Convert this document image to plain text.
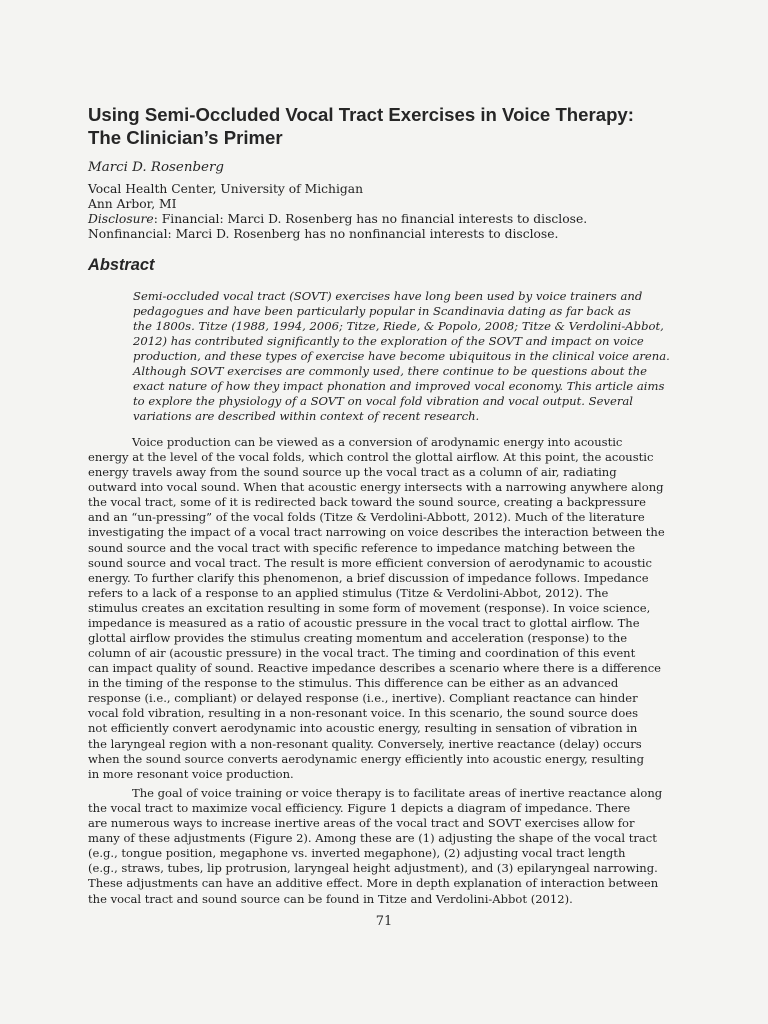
Using Semi-Occluded Vocal Tract Exercises in Voice Therapy:
The Clinician’s Primer
Marci D. Rosenberg
Vocal Health Center, University of Michigan
Ann Arbor, MI
Disclosure: Financial: Marci D. Rosenberg has no financial interests to disclose.
Nonfinancial: Marci D. Rosenberg has no nonfinancial interests to disclose.
Abstract
Semi-occluded vocal tract (SOVT) exercises have long been used by voice trainers and
pedagogues and have been particularly popular in Scandinavia dating as far back as
the 1800s. Titze (1988, 1994, 2006; Titze, Riede, & Popolo, 2008; Titze & Verdolini-Abbot,
2012) has contributed significantly to the exploration of the SOVT and impact on voice
production, and these types of exercise have become ubiquitous in the clinical voice arena.
Although SOVT exercises are commonly used, there continue to be questions about the
exact nature of how they impact phonation and improved vocal economy. This article aims
to explore the physiology of a SOVT on vocal fold vibration and vocal output. Several
variations are described within context of recent research.
Voice production can be viewed as a conversion of arodynamic energy into acoustic
energy at the level of the vocal folds, which control the glottal airflow. At this point, the acoustic
energy travels away from the sound source up the vocal tract as a column of air, radiating
outward into vocal sound. When that acoustic energy intersects with a narrowing anywhere along
the vocal tract, some of it is redirected back toward the sound source, creating a backpressure
and an “un-pressing” of the vocal folds (Titze & Verdolini-Abbott, 2012). Much of the literature
investigating the impact of a vocal tract narrowing on voice describes the interaction between the
sound source and the vocal tract with specific reference to impedance matching between the
sound source and vocal tract. The result is more efficient conversion of aerodynamic to acoustic
energy. To further clarify this phenomenon, a brief discussion of impedance follows. Impedance
refers to a lack of a response to an applied stimulus (Titze & Verdolini-Abbot, 2012). The
stimulus creates an excitation resulting in some form of movement (response). In voice science,
impedance is measured as a ratio of acoustic pressure in the vocal tract to glottal airflow. The
glottal airflow provides the stimulus creating momentum and acceleration (response) to the
column of air (acoustic pressure) in the vocal tract. The timing and coordination of this event
can impact quality of sound. Reactive impedance describes a scenario where there is a difference
in the timing of the response to the stimulus. This difference can be either as an advanced
response (i.e., compliant) or delayed response (i.e., inertive). Compliant reactance can hinder
vocal fold vibration, resulting in a non-resonant voice. In this scenario, the sound source does
not efficiently convert aerodynamic into acoustic energy, resulting in sensation of vibration in
the laryngeal region with a non-resonant quality. Conversely, inertive reactance (delay) occurs
when the sound source converts aerodynamic energy efficiently into acoustic energy, resulting
in more resonant voice production.
The goal of voice training or voice therapy is to facilitate areas of inertive reactance along
the vocal tract to maximize vocal efficiency. Figure 1 depicts a diagram of impedance. There
are numerous ways to increase inertive areas of the vocal tract and SOVT exercises allow for
many of these adjustments (Figure 2). Among these are (1) adjusting the shape of the vocal tract
(e.g., tongue position, megaphone vs. inverted megaphone), (2) adjusting vocal tract length
(e.g., straws, tubes, lip protrusion, laryngeal height adjustment), and (3) epilaryngeal narrowing.
These adjustments can have an additive effect. More in depth explanation of interaction between
the vocal tract and sound source can be found in Titze and Verdolini-Abbot (2012).
71
